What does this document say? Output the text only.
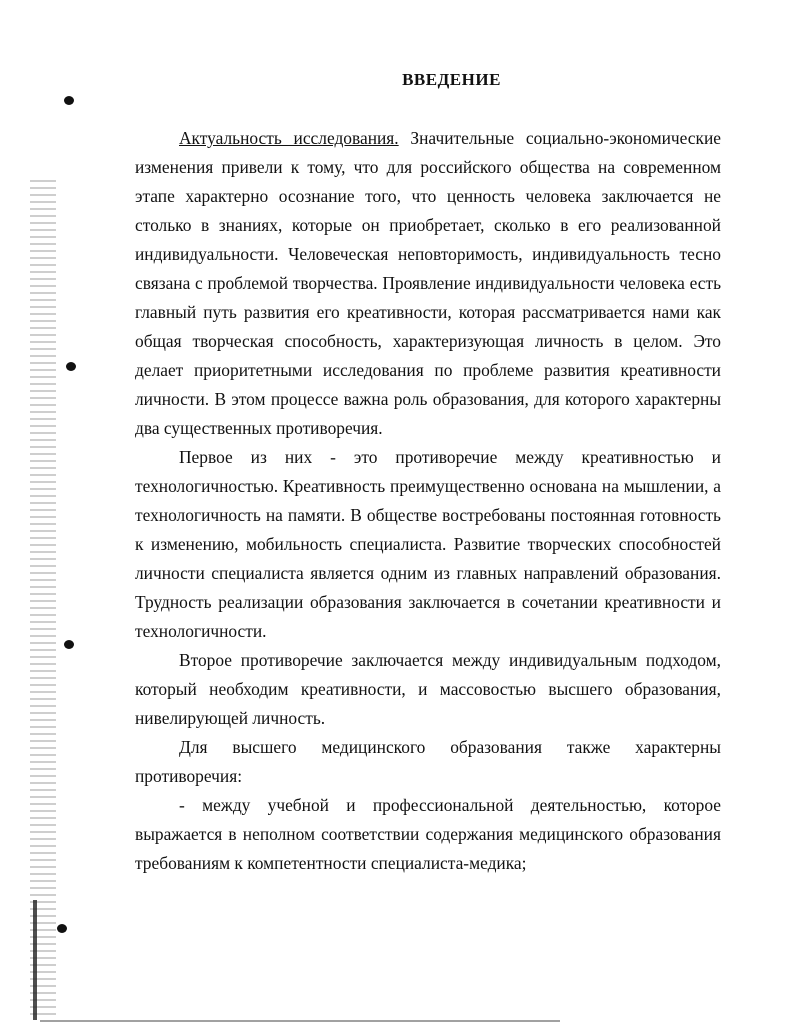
ВВЕДЕНИЕ

Актуальность исследования. Значительные социально-экономические изменения привели к тому, что для российского общества на современном этапе характерно осознание того, что ценность человека заключается не столько в знаниях, которые он приобретает, сколько в его реализованной индивидуальности. Человеческая неповторимость, индивидуальность тесно связана с проблемой творчества. Проявление индивидуальности человека есть главный путь развития его креативности, которая рассматривается нами как общая творческая способность, характеризующая личность в целом. Это делает приоритетными исследования по проблеме развития креативности личности. В этом процессе важна роль образования, для которого характерны два существенных противоречия.

Первое из них - это противоречие между креативностью и технологичностью. Креативность преимущественно основана на мышлении, а технологичность на памяти. В обществе востребованы постоянная готовность к изменению, мобильность специалиста. Развитие творческих способностей личности специалиста является одним из главных направлений образования. Трудность реализации образования заключается в сочетании креативности и технологичности.

Второе противоречие заключается между индивидуальным подходом, который необходим креативности, и массовостью высшего образования, нивелирующей личность.

Для высшего медицинского образования также характерны противоречия:

- между учебной и профессиональной деятельностью, которое выражается в неполном соответствии содержания медицинского образования требованиям к компетентности специалиста-медика;
